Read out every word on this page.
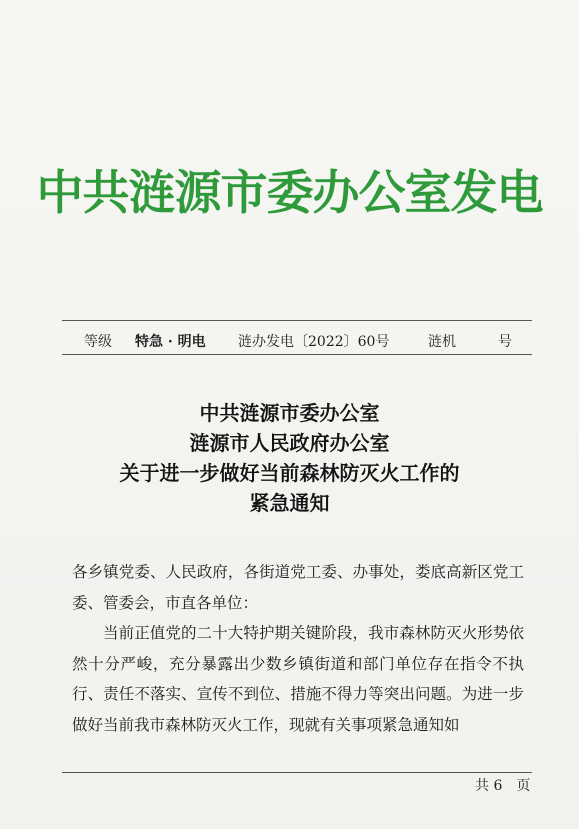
中共涟源市委办公室发电
等级 特急 · 明电 涟办发电〔2022〕60号	涟机	号
中共涟源市委办公室
涟源市人民政府办公室
关于进一步做好当前森林防灭火工作的
紧急通知

各乡镇党委、人民政府，各街道党工委、办事处，娄底高新区党工委、管委会，市直各单位：

当前正值党的二十大特护期关键阶段，我市森林防灭火形势依然十分严峻，充分暴露出少数乡镇街道和部门单位存在指令不执行、责任不落实、宣传不到位、措施不得力等突出问题。为进一步做好当前我市森林防灭火工作，现就有关事项紧急通知如

共 6　页
